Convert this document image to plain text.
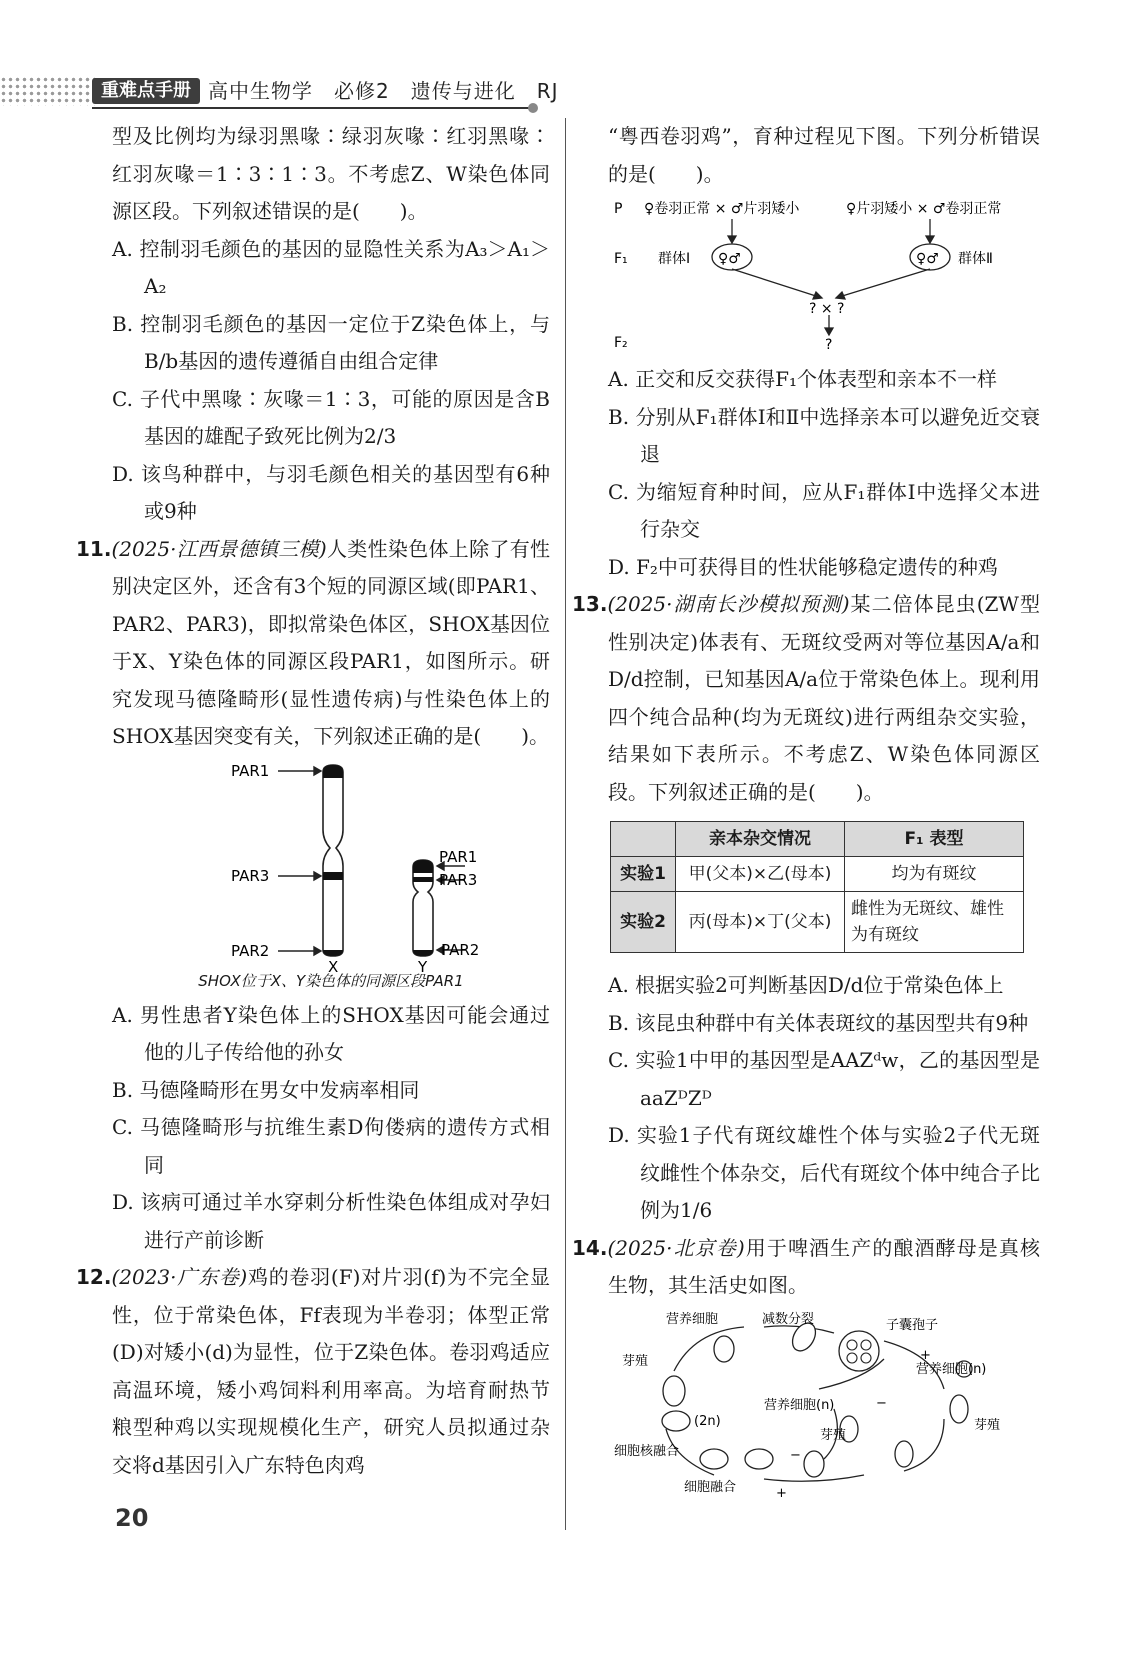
重难点手册 高中生物学　必修2　遗传与进化　RJ

型及比例均为绿羽黑喙∶绿羽灰喙∶红羽黑喙∶红羽灰喙＝1∶3∶1∶3。不考虑Z、W染色体同源区段。下列叙述错误的是(　　)。

A. 控制羽毛颜色的基因的显隐性关系为A₃＞A₁＞A₂

B. 控制羽毛颜色的基因一定位于Z染色体上，与B/b基因的遗传遵循自由组合定律

C. 子代中黑喙∶灰喙＝1∶3，可能的原因是含B基因的雄配子致死比例为2/3

D. 该鸟种群中，与羽毛颜色相关的基因型有6种或9种

11.(2025·江西景德镇三模)人类性染色体上除了有性别决定区外，还含有3个短的同源区域(即PAR1、PAR2、PAR3)，即拟常染色体区，SHOX基因位于X、Y染色体的同源区段PAR1，如图所示。研究发现马德隆畸形(显性遗传病)与性染色体上的SHOX基因突变有关，下列叙述正确的是(　　)。

PAR1
PAR3
PAR2
PAR1
PAR3
PAR2
X	Y

SHOX位于X、Y染色体的同源区段PAR1

A. 男性患者Y染色体上的SHOX基因可能会通过他的儿子传给他的孙女

B. 马德隆畸形在男女中发病率相同

C. 马德隆畸形与抗维生素D佝偻病的遗传方式相同

D. 该病可通过羊水穿刺分析性染色体组成对孕妇进行产前诊断

12.(2023·广东卷)鸡的卷羽(F)对片羽(f)为不完全显性，位于常染色体，Ff表现为半卷羽；体型正常(D)对矮小(d)为显性，位于Z染色体。卷羽鸡适应高温环境，矮小鸡饲料利用率高。为培育耐热节粮型种鸡以实现规模化生产，研究人员拟通过杂交将d基因引入广东特色肉鸡

“粤西卷羽鸡”，育种过程见下图。下列分析错误的是(　　)。

P ♀卷羽正常 × ♂片羽矮小	♀片羽矮小 × ♂卷羽正常
F₁ 群体Ⅰ ♀♂	♀♂ 群体Ⅱ
? × ?
F₂	?

A. 正交和反交获得F₁个体表型和亲本不一样

B. 分别从F₁群体Ⅰ和Ⅱ中选择亲本可以避免近交衰退

C. 为缩短育种时间，应从F₁群体Ⅰ中选择父本进行杂交

D. F₂中可获得目的性状能够稳定遗传的种鸡

13.(2025·湖南长沙模拟预测)某二倍体昆虫(ZW型性别决定)体表有、无斑纹受两对等位基因A/a和D/d控制，已知基因A/a位于常染色体上。现利用四个纯合品种(均为无斑纹)进行两组杂交实验，结果如下表所示。不考虑Z、W染色体同源区段。下列叙述正确的是(　　)。

	亲本杂交情况	F₁ 表型
实验1	甲(父本)×乙(母本)	均为有斑纹
实验2	丙(母本)×丁(父本)	雌性为无斑纹、雄性为有斑纹

A. 根据实验2可判断基因D/d位于常染色体上

B. 该昆虫种群中有关体表斑纹的基因型共有9种

C. 实验1中甲的基因型是AAZᵈw，乙的基因型是aaZᴰZᴰ

D. 实验1子代有斑纹雄性个体与实验2子代无斑纹雌性个体杂交，后代有斑纹个体中纯合子比例为1/6

14.(2025·北京卷)用于啤酒生产的酿酒酵母是真核生物，其生活史如图。

营养细胞	减数分裂	子囊孢子
营养细胞(n)
芽殖
(2n)
营养细胞(n)
芽殖
芽殖
细胞核融合
细胞融合
+
−
+
−
20
